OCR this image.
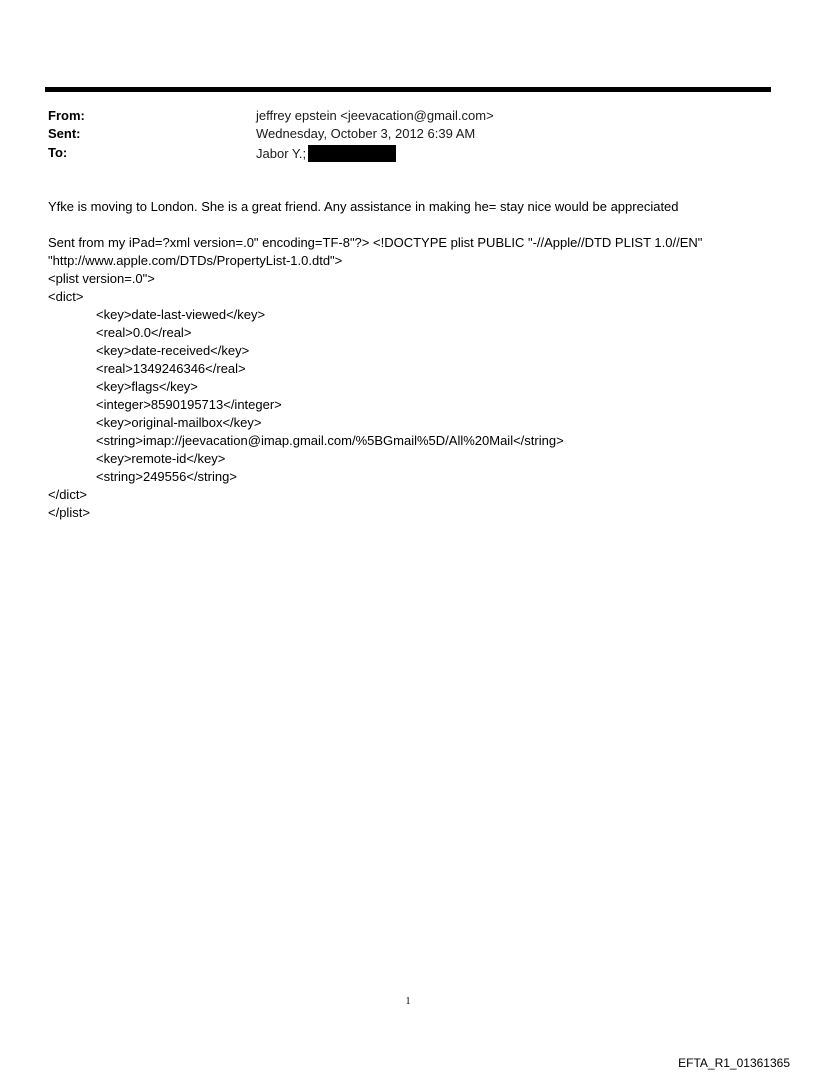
From:	jeffrey epstein <jeevacation@gmail.com>
Sent:	Wednesday, October 3, 2012 6:39 AM
To:	Jabor Y.;
Yfke is moving to London. She is a great friend. Any assistance in making he= stay nice would be appreciated
Sent from my iPad=?xml version=.0" encoding=TF-8"?> <!DOCTYPE plist PUBLIC "-//Apple//DTD PLIST 1.0//EN"
"http://www.apple.com/DTDs/PropertyList-1.0.dtd">
<plist version=.0">
<dict>
<key>date-last-viewed</key>
<real>0.0</real>
<key>date-received</key>
<real>1349246346</real>
<key>flags</key>
<integer>8590195713</integer>
<key>original-mailbox</key>
<string>imap://jeevacation@imap.gmail.com/%5BGmail%5D/All%20Mail</string>
<key>remote-id</key>
<string>249556</string>
</dict>
</plist>
1
EFTA_R1_01361365
